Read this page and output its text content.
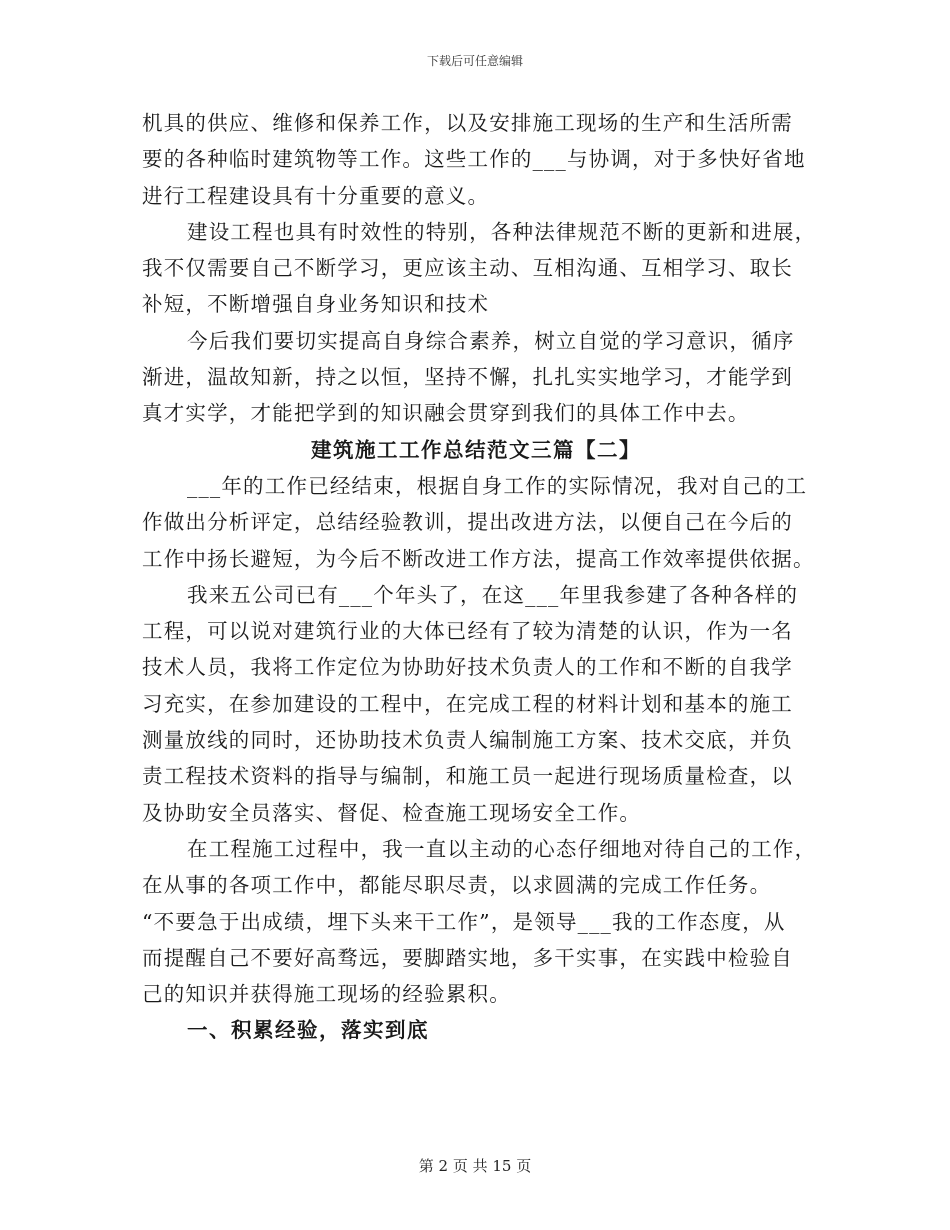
下载后可任意编辑
机具的供应、维修和保养工作，以及安排施工现场的生产和生活所需
要的各种临时建筑物等工作。这些工作的___与协调，对于多快好省地
进行工程建设具有十分重要的意义。
建设工程也具有时效性的特别，各种法律规范不断的更新和进展，
我不仅需要自己不断学习，更应该主动、互相沟通、互相学习、取长
补短，不断增强自身业务知识和技术
今后我们要切实提高自身综合素养，树立自觉的学习意识，循序
渐进，温故知新，持之以恒，坚持不懈，扎扎实实地学习，才能学到
真才实学，才能把学到的知识融会贯穿到我们的具体工作中去。
建筑施工工作总结范文三篇【二】
___年的工作已经结束，根据自身工作的实际情况，我对自己的工
作做出分析评定，总结经验教训，提出改进方法，以便自己在今后的
工作中扬长避短，为今后不断改进工作方法，提高工作效率提供依据。
我来五公司已有___个年头了，在这___年里我参建了各种各样的
工程，可以说对建筑行业的大体已经有了较为清楚的认识，作为一名
技术人员，我将工作定位为协助好技术负责人的工作和不断的自我学
习充实，在参加建设的工程中，在完成工程的材料计划和基本的施工
测量放线的同时，还协助技术负责人编制施工方案、技术交底，并负
责工程技术资料的指导与编制，和施工员一起进行现场质量检查，以
及协助安全员落实、督促、检查施工现场安全工作。
在工程施工过程中，我一直以主动的心态仔细地对待自己的工作，
在从事的各项工作中，都能尽职尽责，以求圆满的完成工作任务。
“不要急于出成绩，埋下头来干工作”，是领导___我的工作态度，从
而提醒自己不要好高骛远，要脚踏实地，多干实事，在实践中检验自
己的知识并获得施工现场的经验累积。
一、积累经验，落实到底
第 2 页 共 15 页
